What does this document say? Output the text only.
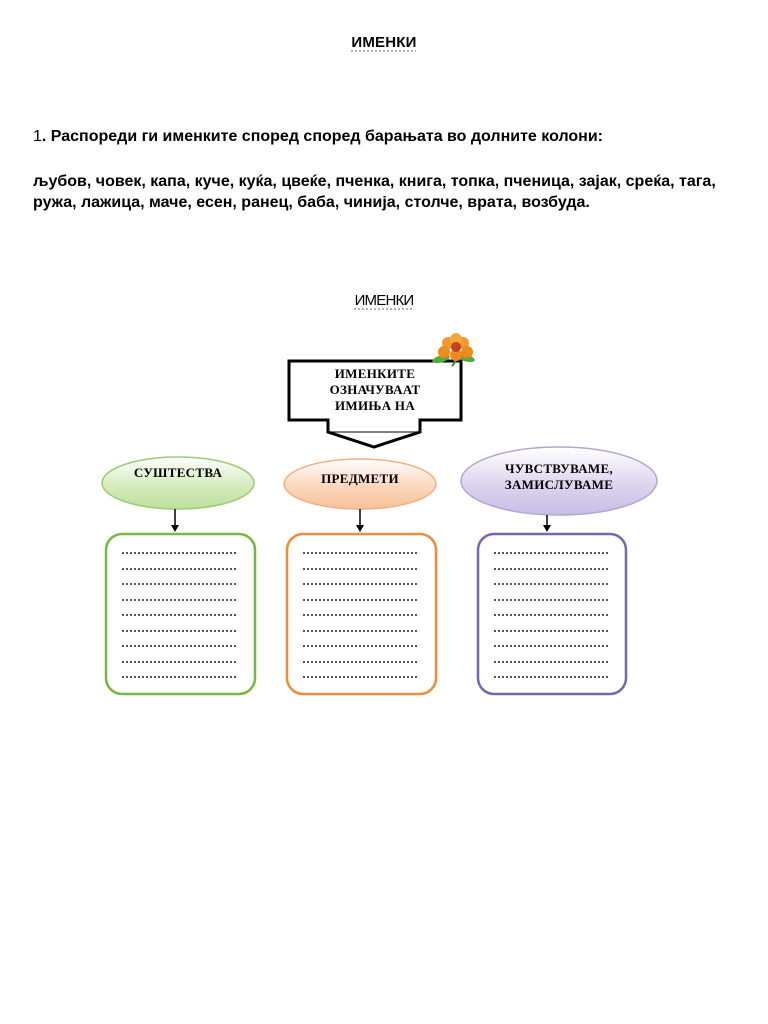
ИМЕНКИ
1. Распореди ги именките според според барањата во долните колони:
љубов, човек, капа, куче, куќа, цвеќе, пченка, книга, топка, пченица, зајак, среќа, тага, ружа, лажица, маче, есен, ранец, баба, чинија, столче, врата, возбуда.
ИМЕНКИ
ИМЕНКИТЕ
ОЗНАЧУВААТ
ИМИЊА НА
СУШТЕСТВА	ПРЕДМЕТИ
ЧУВСТВУВАМЕ,
ЗАМИСЛУВАМЕ
